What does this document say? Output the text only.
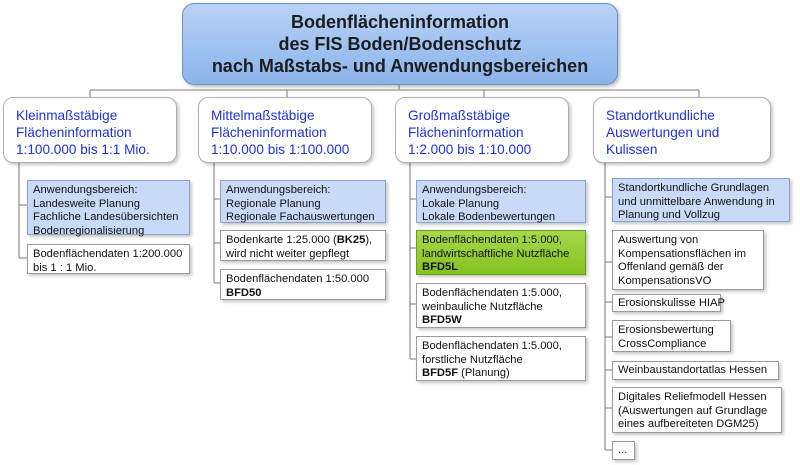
Bodenflächeninformation
des FIS Boden/Bodenschutz
nach Maßstabs- und Anwendungsbereichen
Kleinmaßstäbige
Flächeninformation
1:100.000 bis 1:1 Mio.
Anwendungsbereich:
Landesweite Planung
Fachliche Landesübersichten
Bodenregionalisierung
Bodenflächendaten 1:200.000
bis 1 : 1 Mio.
Mittelmaßstäbige
Flächeninformation
1:10.000 bis 1:100.000
Anwendungsbereich:
Regionale Planung
Regionale Fachauswertungen
Bodenkarte 1:25.000 (BK25),
wird nicht weiter gepflegt
Bodenflächendaten 1:50.000
BFD50
Großmaßstäbige
Flächeninformation
1:2.000 bis 1:10.000
Anwendungsbereich:
Lokale Planung
Lokale Bodenbewertungen
Bodenflächendaten 1:5.000,
landwirtschaftliche Nutzfläche
BFD5L
Bodenflächendaten 1:5.000,
weinbauliche Nutzfläche
BFD5W
Bodenflächendaten 1:5.000,
forstliche Nutzfläche
BFD5F (Planung)
Standortkundliche
Auswertungen und
Kulissen
Standortkundliche Grundlagen
und unmittelbare Anwendung in
Planung und Vollzug
Auswertung von
Kompensationsflächen im
Offenland gemäß der
KompensationsVO
Erosionskulisse HIAP
Erosionsbewertung
CrossCompliance
Weinbaustandortatlas Hessen
Digitales Reliefmodell Hessen
(Auswertungen auf Grundlage
eines aufbereiteten DGM25)
...
